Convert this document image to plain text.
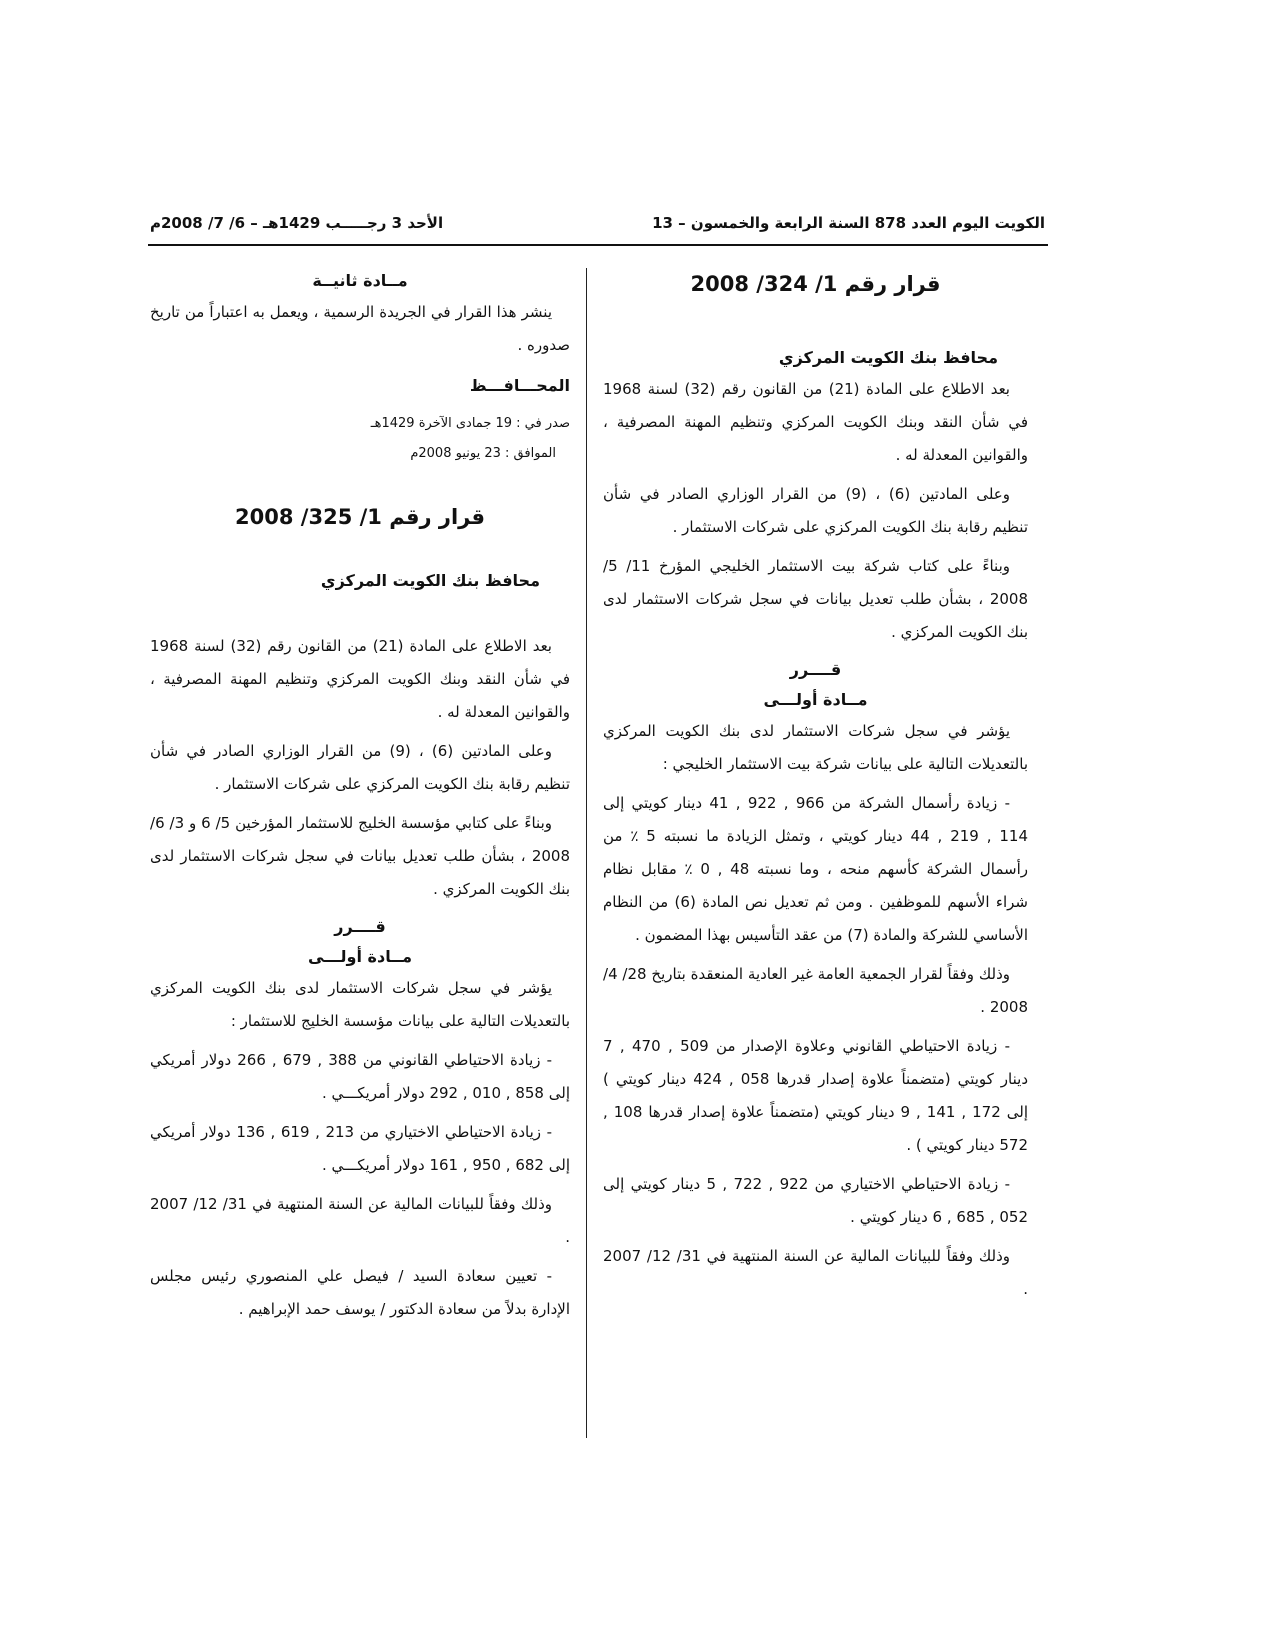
الكويت اليوم العدد 878 السنة الرابعة والخمسون – 13
الأحد 3 رجـــــب 1429هـ – 6/ 7/ 2008م
قرار رقم 1/ 324/ 2008

محافظ بنك الكويت المركزي

بعد الاطلاع على المادة (21) من القانون رقم (32) لسنة 1968 في شأن النقد وبنك الكويت المركزي وتنظيم المهنة المصرفية ، والقوانين المعدلة له .

وعلى المادتين (6) ، (9) من القرار الوزاري الصادر في شأن تنظيم رقابة بنك الكويت المركزي على شركات الاستثمار .

وبناءً على كتاب شركة بيت الاستثمار الخليجي المؤرخ 11/ 5/ 2008 ، بشأن طلب تعديل بيانات في سجل شركات الاستثمار لدى بنك الكويت المركزي .

قــــرر

مــادة أولـــى

يؤشر في سجل شركات الاستثمار لدى بنك الكويت المركزي بالتعديلات التالية على بيانات شركة بيت الاستثمار الخليجي :

- زيادة رأسمال الشركة من 966 , 922 , 41 دينار كويتي إلى 114 , 219 , 44 دينار كويتي ، وتمثل الزيادة ما نسبته 5 ٪ من رأسمال الشركة كأسهم منحه ، وما نسبته 48 , 0 ٪ مقابل نظام شراء الأسهم للموظفين . ومن ثم تعديل نص المادة (6) من النظام الأساسي للشركة والمادة (7) من عقد التأسيس بهذا المضمون .

وذلك وفقاً لقرار الجمعية العامة غير العادية المنعقدة بتاريخ 28/ 4/ 2008 .

- زيادة الاحتياطي القانوني وعلاوة الإصدار من 509 , 470 , 7 دينار كويتي (متضمناً علاوة إصدار قدرها 058 , 424 دينار كويتي ) إلى 172 , 141 , 9 دينار كويتي (متضمناً علاوة إصدار قدرها 108 , 572 دينار كويتي ) .

- زيادة الاحتياطي الاختياري من 922 , 722 , 5 دينار كويتي إلى 052 , 685 , 6 دينار كويتي .

وذلك وفقاً للبيانات المالية عن السنة المنتهية في 31/ 12/ 2007 .

مــادة ثانيــة

ينشر هذا القرار في الجريدة الرسمية ، ويعمل به اعتباراً من تاريخ صدوره .

المحـــافـــظ

صدر في : 19 جمادى الآخرة 1429هـ

الموافق : 23 يونيو 2008م

قرار رقم 1/ 325/ 2008

محافظ بنك الكويت المركزي

بعد الاطلاع على المادة (21) من القانون رقم (32) لسنة 1968 في شأن النقد وبنك الكويت المركزي وتنظيم المهنة المصرفية ، والقوانين المعدلة له .

وعلى المادتين (6) ، (9) من القرار الوزاري الصادر في شأن تنظيم رقابة بنك الكويت المركزي على شركات الاستثمار .

وبناءً على كتابي مؤسسة الخليج للاستثمار المؤرخين 5/ 6 و 3/ 6/ 2008 ، بشأن طلب تعديل بيانات في سجل شركات الاستثمار لدى بنك الكويت المركزي .

قــــرر

مــادة أولـــى

يؤشر في سجل شركات الاستثمار لدى بنك الكويت المركزي بالتعديلات التالية على بيانات مؤسسة الخليج للاستثمار :

- زيادة الاحتياطي القانوني من 388 , 679 , 266 دولار أمريكي إلى 858 , 010 , 292 دولار أمريكـــي .

- زيادة الاحتياطي الاختياري من 213 , 619 , 136 دولار أمريكي إلى 682 , 950 , 161 دولار أمريكـــي .

وذلك وفقاً للبيانات المالية عن السنة المنتهية في 31/ 12/ 2007 .

- تعيين سعادة السيد / فيصل علي المنصوري رئيس مجلس الإدارة بدلاً من سعادة الدكتور / يوسف حمد الإبراهيم .
